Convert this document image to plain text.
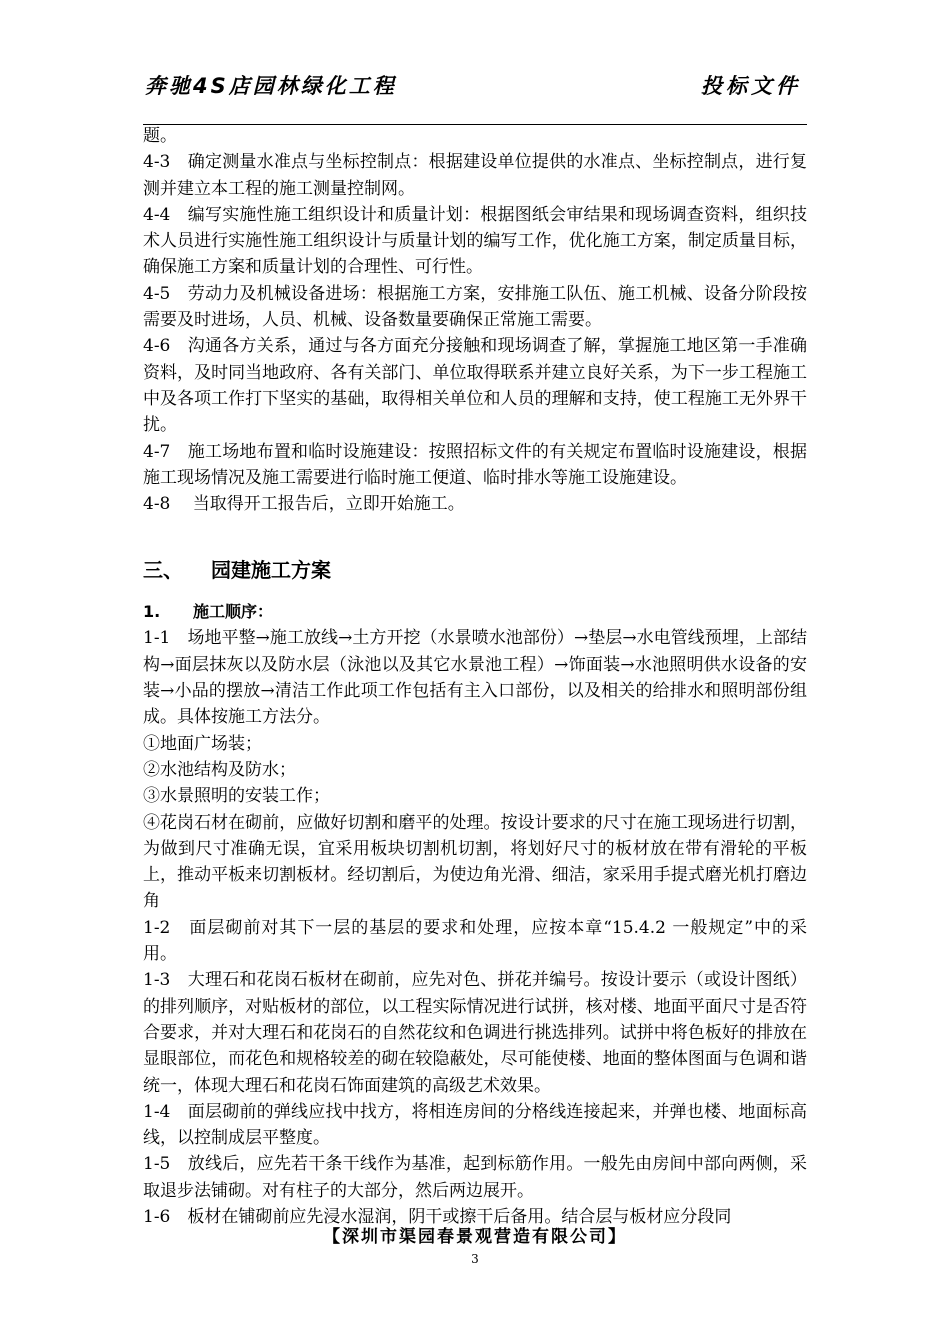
奔驰4S店园林绿化工程	投标文件

题。

4-3　确定测量水准点与坐标控制点：根据建设单位提供的水准点、坐标控制点，进行复测并建立本工程的施工测量控制网。

4-4　编写实施性施工组织设计和质量计划：根据图纸会审结果和现场调查资料，组织技术人员进行实施性施工组织设计与质量计划的编写工作，优化施工方案，制定质量目标，确保施工方案和质量计划的合理性、可行性。

4-5　劳动力及机械设备进场：根据施工方案，安排施工队伍、施工机械、设备分阶段按需要及时进场，人员、机械、设备数量要确保正常施工需要。

4-6　沟通各方关系，通过与各方面充分接触和现场调查了解，掌握施工地区第一手准确资料，及时同当地政府、各有关部门、单位取得联系并建立良好关系，为下一步工程施工中及各项工作打下坚实的基础，取得相关单位和人员的理解和支持，使工程施工无外界干扰。

4-7　施工场地布置和临时设施建设：按照招标文件的有关规定布置临时设施建设，根据施工现场情况及施工需要进行临时施工便道、临时排水等施工设施建设。

4-8　 当取得开工报告后，立即开始施工。

三、 园建施工方案
1. 施工顺序：

1-1　场地平整→施工放线→土方开挖（水景喷水池部份）→垫层→水电管线预埋，上部结构→面层抹灰以及防水层（泳池以及其它水景池工程）→饰面装→水池照明供水设备的安装→小品的摆放→清洁工作此项工作包括有主入口部份，以及相关的给排水和照明部份组成。具体按施工方法分。

①地面广场装；

②水池结构及防水；

③水景照明的安装工作；

④花岗石材在砌前，应做好切割和磨平的处理。按设计要求的尺寸在施工现场进行切割，为做到尺寸准确无误，宜采用板块切割机切割，将划好尺寸的板材放在带有滑轮的平板上，推动平板来切割板材。经切割后，为使边角光滑、细洁，家采用手提式磨光机打磨边角

1-2　面层砌前对其下一层的基层的要求和处理，应按本章“15.4.2 一般规定”中的采用。

1-3　大理石和花岗石板材在砌前，应先对色、拼花并编号。按设计要示（或设计图纸）的排列顺序，对贴板材的部位，以工程实际情况进行试拼，核对楼、地面平面尺寸是否符合要求，并对大理石和花岗石的自然花纹和色调进行挑选排列。试拼中将色板好的排放在显眼部位，而花色和规格较差的砌在较隐蔽处，尽可能使楼、地面的整体图面与色调和谐统一，体现大理石和花岗石饰面建筑的高级艺术效果。

1-4　面层砌前的弹线应找中找方，将相连房间的分格线连接起来，并弹也楼、地面标高线，以控制成层平整度。

1-5　放线后，应先若干条干线作为基准，起到标筋作用。一般先由房间中部向两侧，采取退步法铺砌。对有柱子的大部分，然后两边展开。

1-6　板材在铺砌前应先浸水湿润，阴干或擦干后备用。结合层与板材应分段同

【深圳市渠园春景观营造有限公司】
3
